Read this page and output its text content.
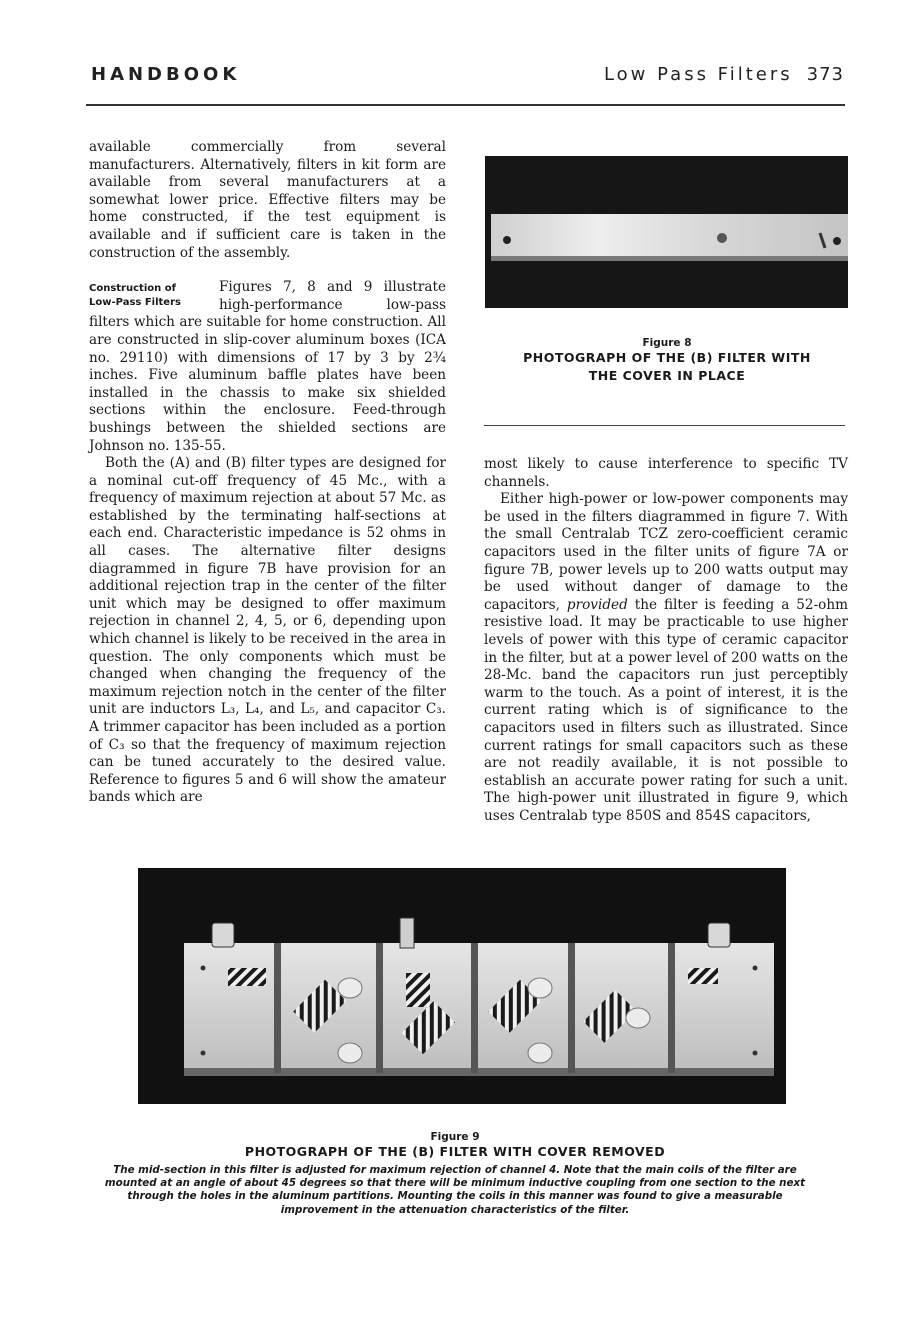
HANDBOOK	Low Pass Filters 373

available commercially from several manufacturers. Alternatively, filters in kit form are available from several manufacturers at a somewhat lower price. Effective filters may be home constructed, if the test equipment is available and if sufficient care is taken in the construction of the assembly.

Construction of
Low-Pass Filters

Figures 7, 8 and 9 illustrate high-performance low-pass filters which are suitable for home construction. All are constructed in slip-cover aluminum boxes (ICA no. 29110) with dimensions of 17 by 3 by 2¾ inches. Five aluminum baffle plates have been installed in the chassis to make six shielded sections within the enclosure. Feed-through bushings between the shielded sections are Johnson no. 135-55.

Both the (A) and (B) filter types are designed for a nominal cut-off frequency of 45 Mc., with a frequency of maximum rejection at about 57 Mc. as established by the terminating half-sections at each end. Characteristic impedance is 52 ohms in all cases. The alternative filter designs diagrammed in figure 7B have provision for an additional rejection trap in the center of the filter unit which may be designed to offer maximum rejection in channel 2, 4, 5, or 6, depending upon which channel is likely to be received in the area in question. The only components which must be changed when changing the frequency of the maximum rejection notch in the center of the filter unit are inductors L₃, L₄, and L₅, and capacitor C₃. A trimmer capacitor has been included as a portion of C₃ so that the frequency of maximum rejection can be tuned accurately to the desired value. Reference to figures 5 and 6 will show the amateur bands which are

Figure 8
PHOTOGRAPH OF THE (B) FILTER WITH
THE COVER IN PLACE

most likely to cause interference to specific TV channels.

Either high-power or low-power components may be used in the filters diagrammed in figure 7. With the small Centralab TCZ zero-coefficient ceramic capacitors used in the filter units of figure 7A or figure 7B, power levels up to 200 watts output may be used without danger of damage to the capacitors, provided the filter is feeding a 52-ohm resistive load. It may be practicable to use higher levels of power with this type of ceramic capacitor in the filter, but at a power level of 200 watts on the 28-Mc. band the capacitors run just perceptibly warm to the touch. As a point of interest, it is the current rating which is of significance to the capacitors used in filters such as illustrated. Since current ratings for small capacitors such as these are not readily available, it is not possible to establish an accurate power rating for such a unit. The high-power unit illustrated in figure 9, which uses Centralab type 850S and 854S capacitors,

Figure 9
PHOTOGRAPH OF THE (B) FILTER WITH COVER REMOVED
The mid-section in this filter is adjusted for maximum rejection of channel 4. Note that the main coils of the filter are mounted at an angle of about 45 degrees so that there will be minimum inductive coupling from one section to the next through the holes in the aluminum partitions. Mounting the coils in this manner was found to give a measurable improvement in the attenuation characteristics of the filter.
